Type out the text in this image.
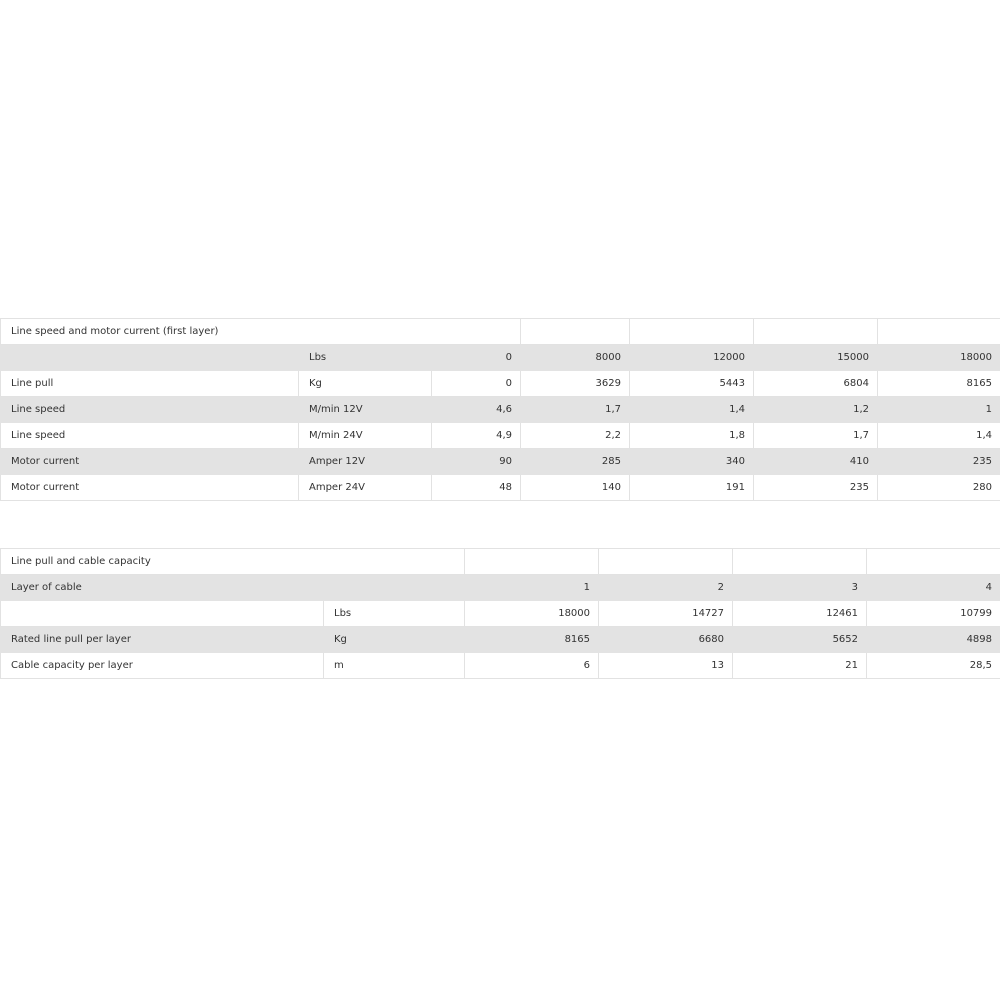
Line speed and motor current (first layer)						
	Lbs	0	8000	12000	15000	18000
Line pull	Kg	0	3629	5443	6804	8165
Line speed	M/min 12V	4,6	1,7	1,4	1,2	1
Line speed	M/min 24V	4,9	2,2	1,8	1,7	1,4
Motor current	Amper 12V	90	285	340	410	235
Motor current	Amper 24V	48	140	191	235	280
Line pull and cable capacity					
Layer of cable		1	2	3	4
	Lbs	18000	14727	12461	10799
Rated line pull per layer	Kg	8165	6680	5652	4898
Cable capacity per layer	m	6	13	21	28,5
